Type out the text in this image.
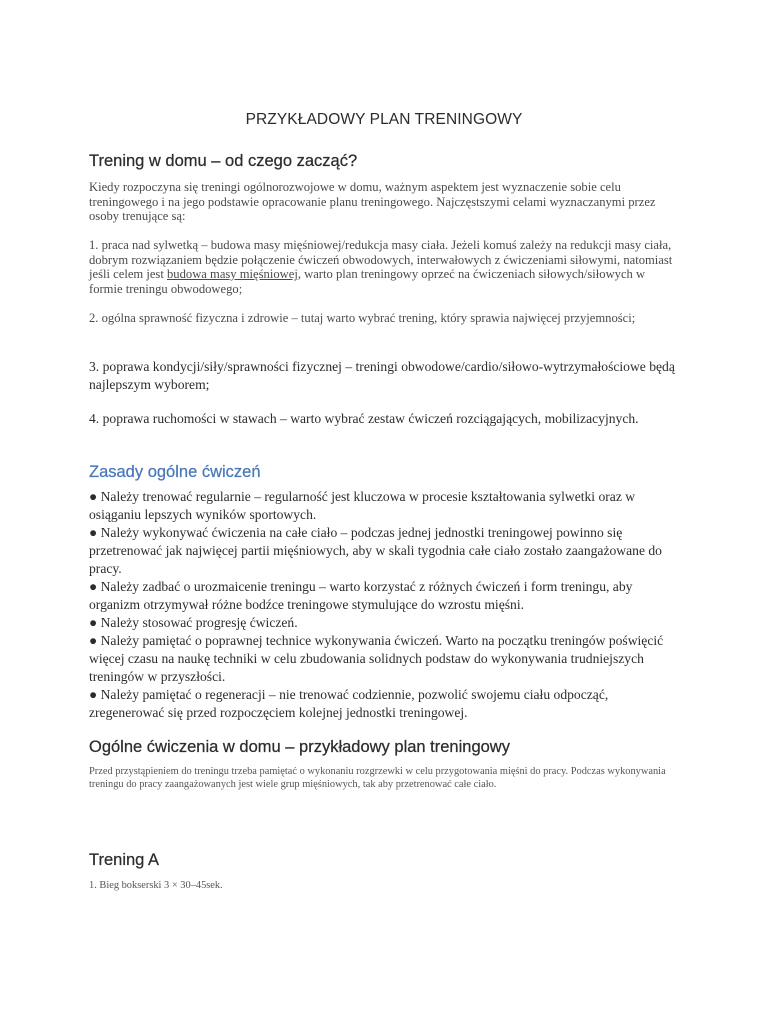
PRZYKŁADOWY PLAN TRENINGOWY
Trening w domu – od czego zacząć?

Kiedy rozpoczyna się treningi ogólnorozwojowe w domu, ważnym aspektem jest wyznaczenie sobie celu treningowego i na jego podstawie opracowanie planu treningowego. Najczęstszymi celami wyznaczanymi przez osoby trenujące są:

1. praca nad sylwetką – budowa masy mięśniowej/redukcja masy ciała. Jeżeli komuś zależy na redukcji masy ciała, dobrym rozwiązaniem będzie połączenie ćwiczeń obwodowych, interwałowych z ćwiczeniami siłowymi, natomiast jeśli celem jest budowa masy mięśniowej, warto plan treningowy oprzeć na ćwiczeniach siłowych/siłowych w formie treningu obwodowego;

2. ogólna sprawność fizyczna i zdrowie – tutaj warto wybrać trening, który sprawia najwięcej przyjemności;

3. poprawa kondycji/siły/sprawności fizycznej – treningi obwodowe/cardio/siłowo-wytrzymałościowe będą najlepszym wyborem;

4. poprawa ruchomości w stawach – warto wybrać zestaw ćwiczeń rozciągających, mobilizacyjnych.

Zasady ogólne ćwiczeń
● Należy trenować regularnie – regularność jest kluczowa w procesie kształtowania sylwetki oraz w osiąganiu lepszych wyników sportowych.
● Należy wykonywać ćwiczenia na całe ciało – podczas jednej jednostki treningowej powinno się przetrenować jak najwięcej partii mięśniowych, aby w skali tygodnia całe ciało zostało zaangażowane do pracy.
● Należy zadbać o urozmaicenie treningu – warto korzystać z różnych ćwiczeń i form treningu, aby organizm otrzymywał różne bodźce treningowe stymulujące do wzrostu mięśni.
● Należy stosować progresję ćwiczeń.
● Należy pamiętać o poprawnej technice wykonywania ćwiczeń. Warto na początku treningów poświęcić więcej czasu na naukę techniki w celu zbudowania solidnych podstaw do wykonywania trudniejszych treningów w przyszłości.
● Należy pamiętać o regeneracji – nie trenować codziennie, pozwolić swojemu ciału odpocząć, zregenerować się przed rozpoczęciem kolejnej jednostki treningowej.
Ogólne ćwiczenia w domu – przykładowy plan treningowy

Przed przystąpieniem do treningu trzeba pamiętać o wykonaniu rozgrzewki w celu przygotowania mięśni do pracy. Podczas wykonywania treningu do pracy zaangażowanych jest wiele grup mięśniowych, tak aby przetrenować całe ciało.

Trening A

1. Bieg bokserski 3 × 30–45sek.
